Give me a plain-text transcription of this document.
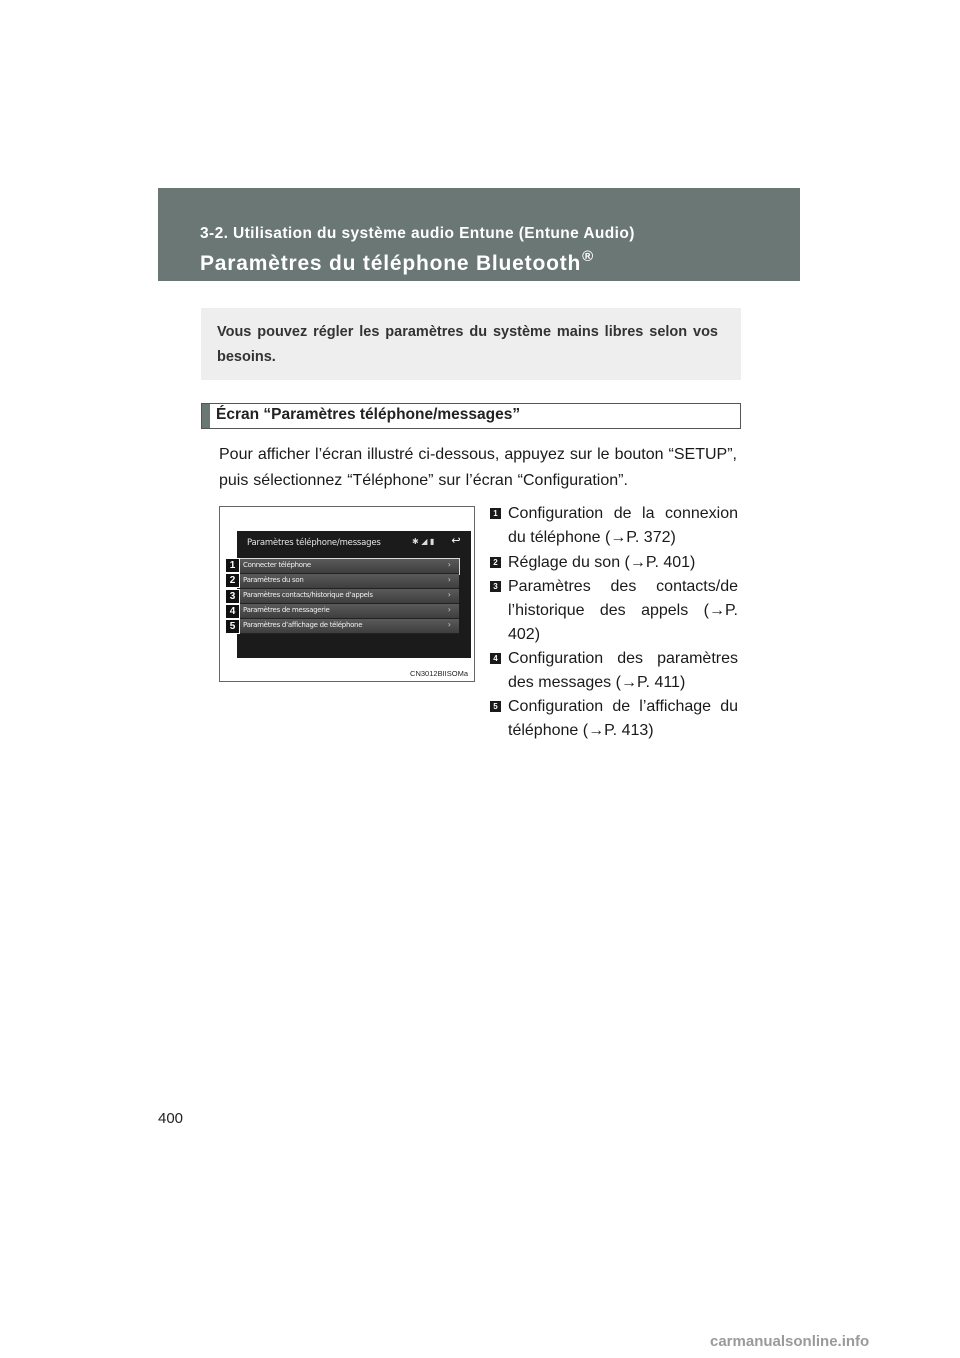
3-2. Utilisation du système audio Entune (Entune Audio)
Paramètres du téléphone Bluetooth®

Vous pouvez régler les paramètres du système mains libres selon vos besoins.

Écran “Paramètres téléphone/messages”

Pour afficher l’écran illustré ci-dessous, appuyez sur le bouton “SETUP”, puis sélectionnez “Téléphone” sur l’écran “Configuration”.

Paramètres téléphone/messages	✱ ◢ ▮	↩
Connecter téléphone	›
Paramètres du son	›
Paramètres contacts/historique d’appels	›
Paramètres de messagerie	›
Paramètres d’affichage de téléphone	›
1
2
3
4
5
CN3012BIISOMa
1 Configuration de la connexion du téléphone (→P. 372)
2 Réglage du son (→P. 401)
3 Paramètres des contacts/de l’historique des appels (→P. 402)
4 Configuration des paramètres des messages (→P. 411)
5 Configuration de l’affichage du téléphone (→P. 413)
400
carmanualsonline.info
